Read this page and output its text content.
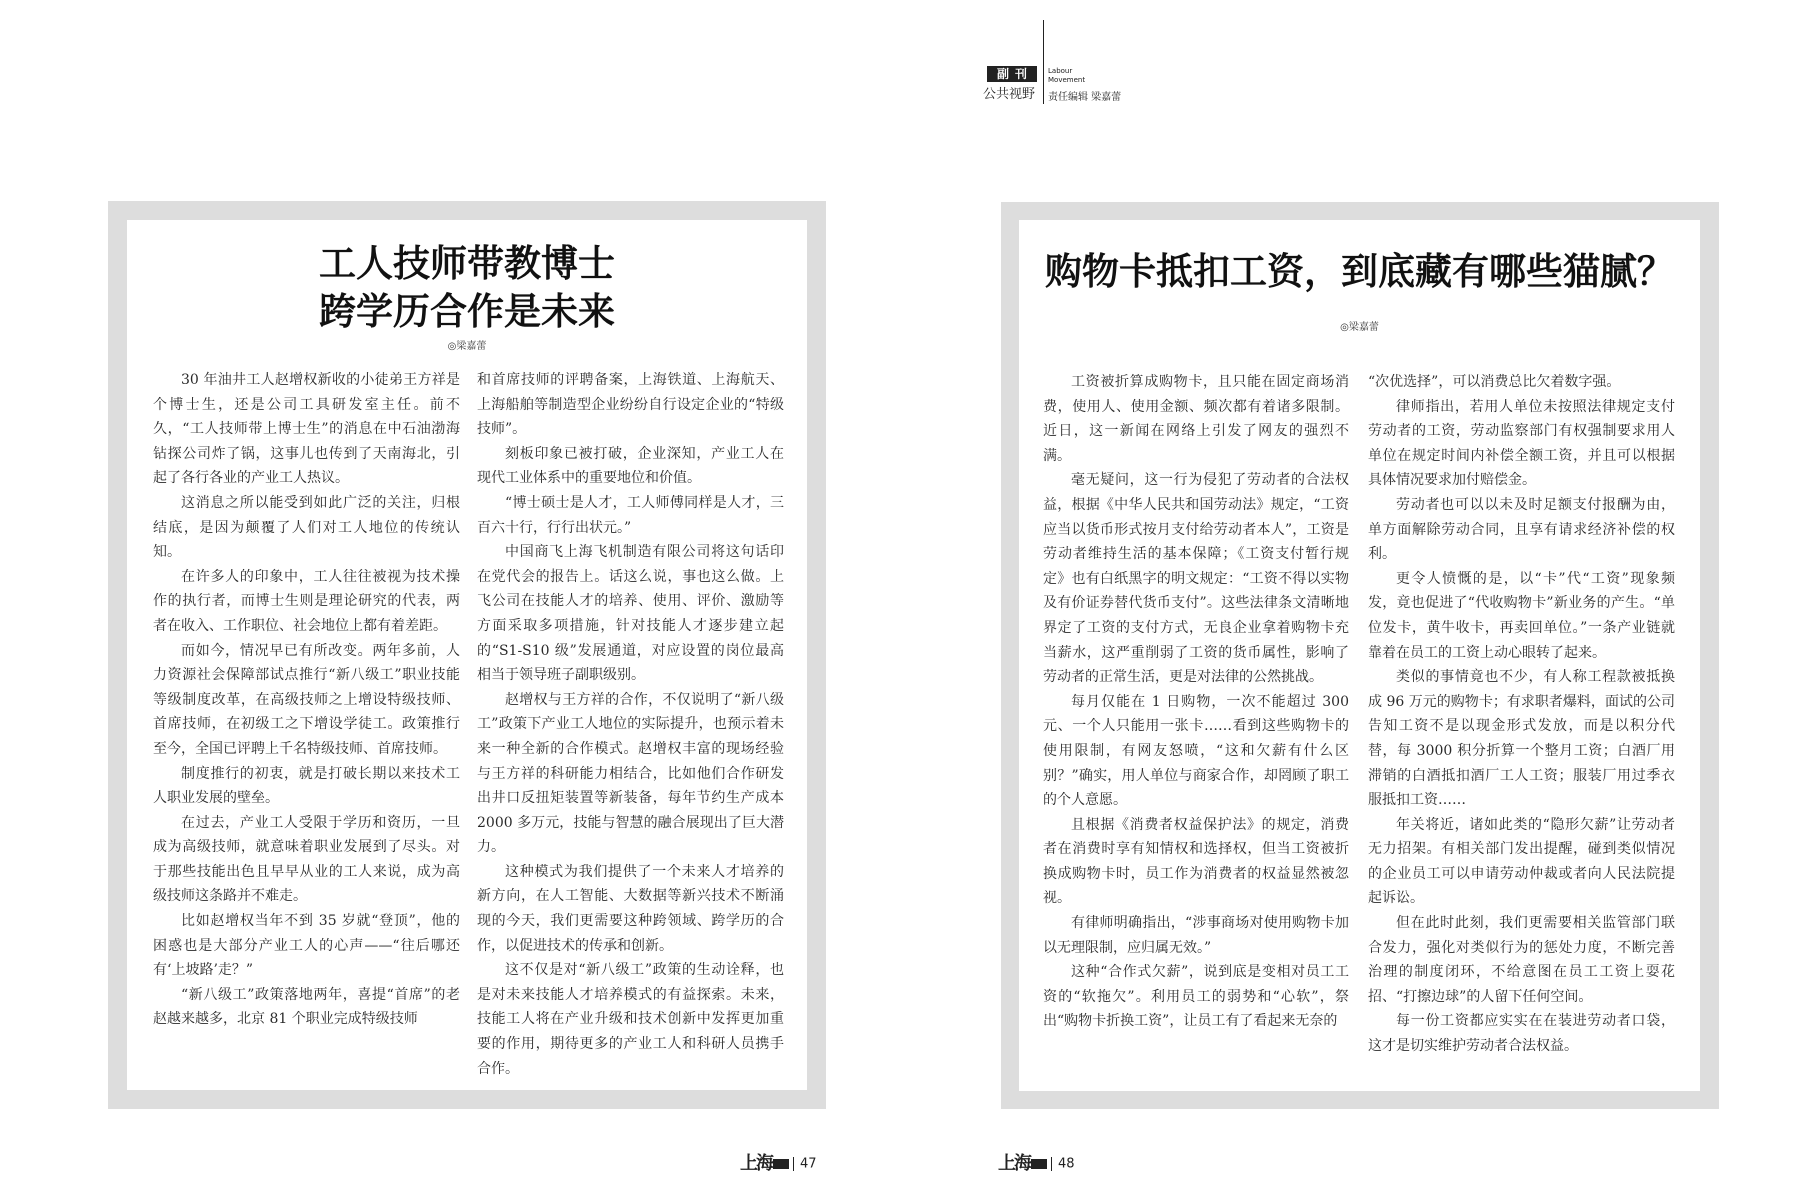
副刊
公共视野
Labour
Movement
责任编辑 梁嘉蕾
工人技师带教博士
跨学历合作是未来
◎梁嘉蕾

30 年油井工人赵增权新收的小徒弟王方祥是个博士生，还是公司工具研发室主任。前不久，“工人技师带上博士生”的消息在中石油渤海钻探公司炸了锅，这事儿也传到了天南海北，引起了各行各业的产业工人热议。

这消息之所以能受到如此广泛的关注，归根结底，是因为颠覆了人们对工人地位的传统认知。

在许多人的印象中，工人往往被视为技术操作的执行者，而博士生则是理论研究的代表，两者在收入、工作职位、社会地位上都有着差距。

而如今，情况早已有所改变。两年多前，人力资源社会保障部试点推行“新八级工”职业技能等级制度改革，在高级技师之上增设特级技师、首席技师，在初级工之下增设学徒工。政策推行至今，全国已评聘上千名特级技师、首席技师。

制度推行的初衷，就是打破长期以来技术工人职业发展的壁垒。

在过去，产业工人受限于学历和资历，一旦成为高级技师，就意味着职业发展到了尽头。对于那些技能出色且早早从业的工人来说，成为高级技师这条路并不难走。

比如赵增权当年不到 35 岁就“登顶”，他的困惑也是大部分产业工人的心声——“往后哪还有‘上坡路’走？”

“新八级工”政策落地两年，喜提“首席”的老赵越来越多，北京 81 个职业完成特级技师

和首席技师的评聘备案，上海铁道、上海航天、上海船舶等制造型企业纷纷自行设定企业的“特级技师”。

刻板印象已被打破，企业深知，产业工人在现代工业体系中的重要地位和价值。

“博士硕士是人才，工人师傅同样是人才，三百六十行，行行出状元。”

中国商飞上海飞机制造有限公司将这句话印在党代会的报告上。话这么说，事也这么做。上飞公司在技能人才的培养、使用、评价、激励等方面采取多项措施，针对技能人才逐步建立起的“S1-S10 级”发展通道，对应设置的岗位最高相当于领导班子副职级别。

赵增权与王方祥的合作，不仅说明了“新八级工”政策下产业工人地位的实际提升，也预示着未来一种全新的合作模式。赵增权丰富的现场经验与王方祥的科研能力相结合，比如他们合作研发出井口反扭矩装置等新装备，每年节约生产成本 2000 多万元，技能与智慧的融合展现出了巨大潜力。

这种模式为我们提供了一个未来人才培养的新方向，在人工智能、大数据等新兴技术不断涌现的今天，我们更需要这种跨领域、跨学历的合作，以促进技术的传承和创新。

这不仅是对“新八级工”政策的生动诠释，也是对未来技能人才培养模式的有益探索。未来，技能工人将在产业升级和技术创新中发挥更加重要的作用，期待更多的产业工人和科研人员携手合作。

购物卡抵扣工资，到底藏有哪些猫腻？
◎梁嘉蕾

工资被折算成购物卡，且只能在固定商场消费，使用人、使用金额、频次都有着诸多限制。近日，这一新闻在网络上引发了网友的强烈不满。

毫无疑问，这一行为侵犯了劳动者的合法权益，根据《中华人民共和国劳动法》规定，“工资应当以货币形式按月支付给劳动者本人”，工资是劳动者维持生活的基本保障；《工资支付暂行规定》也有白纸黑字的明文规定：“工资不得以实物及有价证券替代货币支付”。这些法律条文清晰地界定了工资的支付方式，无良企业拿着购物卡充当薪水，这严重削弱了工资的货币属性，影响了劳动者的正常生活，更是对法律的公然挑战。

每月仅能在 1 日购物，一次不能超过 300 元、一个人只能用一张卡……看到这些购物卡的使用限制，有网友怒喷，“这和欠薪有什么区别？”确实，用人单位与商家合作，却罔顾了职工的个人意愿。

且根据《消费者权益保护法》的规定，消费者在消费时享有知情权和选择权，但当工资被折换成购物卡时，员工作为消费者的权益显然被忽视。

有律师明确指出，“涉事商场对使用购物卡加以无理限制，应归属无效。”

这种“合作式欠薪”，说到底是变相对员工工资的“软拖欠”。利用员工的弱势和“心软”，祭出“购物卡折换工资”，让员工有了看起来无奈的

“次优选择”，可以消费总比欠着数字强。

律师指出，若用人单位未按照法律规定支付劳动者的工资，劳动监察部门有权强制要求用人单位在规定时间内补偿全额工资，并且可以根据具体情况要求加付赔偿金。

劳动者也可以以未及时足额支付报酬为由，单方面解除劳动合同，且享有请求经济补偿的权利。

更令人愤慨的是，以“卡”代“工资”现象频发，竟也促进了“代收购物卡”新业务的产生。“单位发卡，黄牛收卡，再卖回单位。”一条产业链就靠着在员工的工资上动心眼转了起来。

类似的事情竟也不少，有人称工程款被抵换成 96 万元的购物卡；有求职者爆料，面试的公司告知工资不是以现金形式发放，而是以积分代替，每 3000 积分折算一个整月工资；白酒厂用滞销的白酒抵扣酒厂工人工资；服装厂用过季衣服抵扣工资……

年关将近，诸如此类的“隐形欠薪”让劳动者无力招架。有相关部门发出提醒，碰到类似情况的企业员工可以申请劳动仲裁或者向人民法院提起诉讼。

但在此时此刻，我们更需要相关监管部门联合发力，强化对类似行为的惩处力度，不断完善治理的制度闭环，不给意图在员工工资上耍花招、“打擦边球”的人留下任何空间。

每一份工资都应实实在在装进劳动者口袋，这才是切实维护劳动者合法权益。

上海 47	上海 48
